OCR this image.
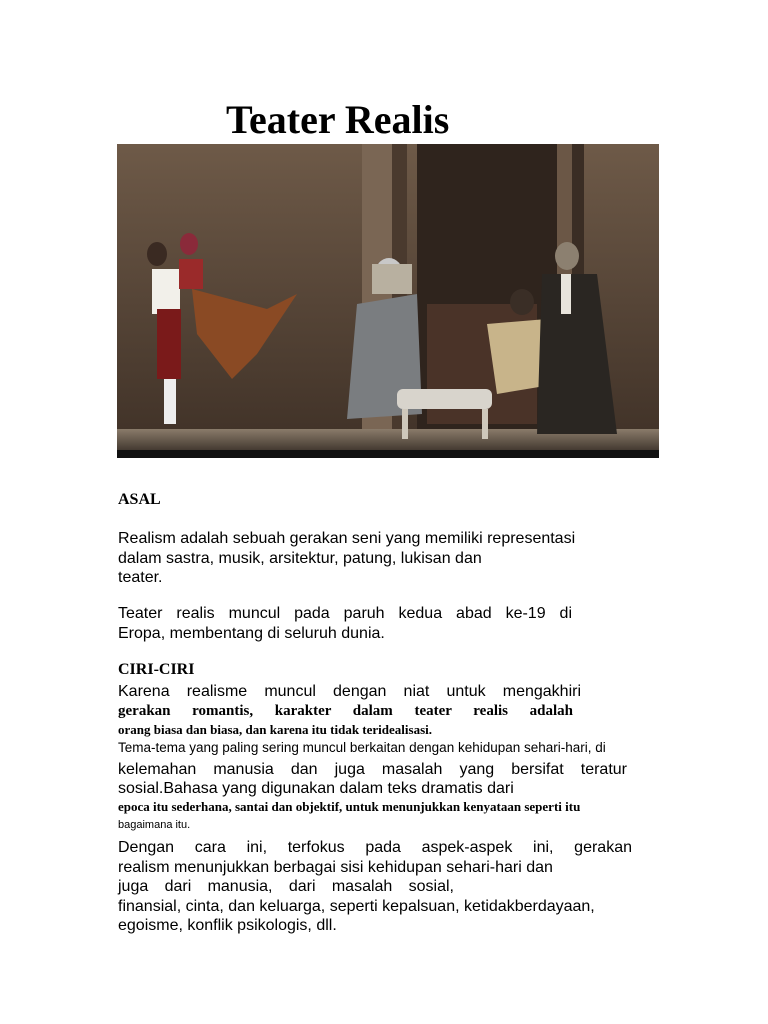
Teater Realis

ASAL

Realism adalah sebuah gerakan seni yang memiliki representasi
dalam sastra, musik, arsitektur, patung, lukisan dan
teater.
Teater realis muncul pada paruh kedua abad ke-19 di
Eropa, membentang di seluruh dunia.

CIRI-CIRI

Karena realisme muncul dengan niat untuk mengakhiri
gerakan romantis, karakter dalam teater realis adalah
orang biasa dan biasa, dan karena itu tidak teridealisasi.
Tema-tema yang paling sering muncul berkaitan dengan kehidupan sehari-hari, di
kelemahan manusia dan juga masalah yang bersifat teratur
sosial.Bahasa yang digunakan dalam teks dramatis dari
epoca itu sederhana, santai dan objektif, untuk menunjukkan kenyataan seperti itu
bagaimana itu.
Dengan cara ini, terfokus pada aspek-aspek ini, gerakan
realism menunjukkan berbagai sisi kehidupan sehari-hari dan
juga dari manusia, dari masalah sosial,
finansial, cinta, dan keluarga, seperti kepalsuan, ketidakberdayaan,
egoisme, konflik psikologis, dll.
